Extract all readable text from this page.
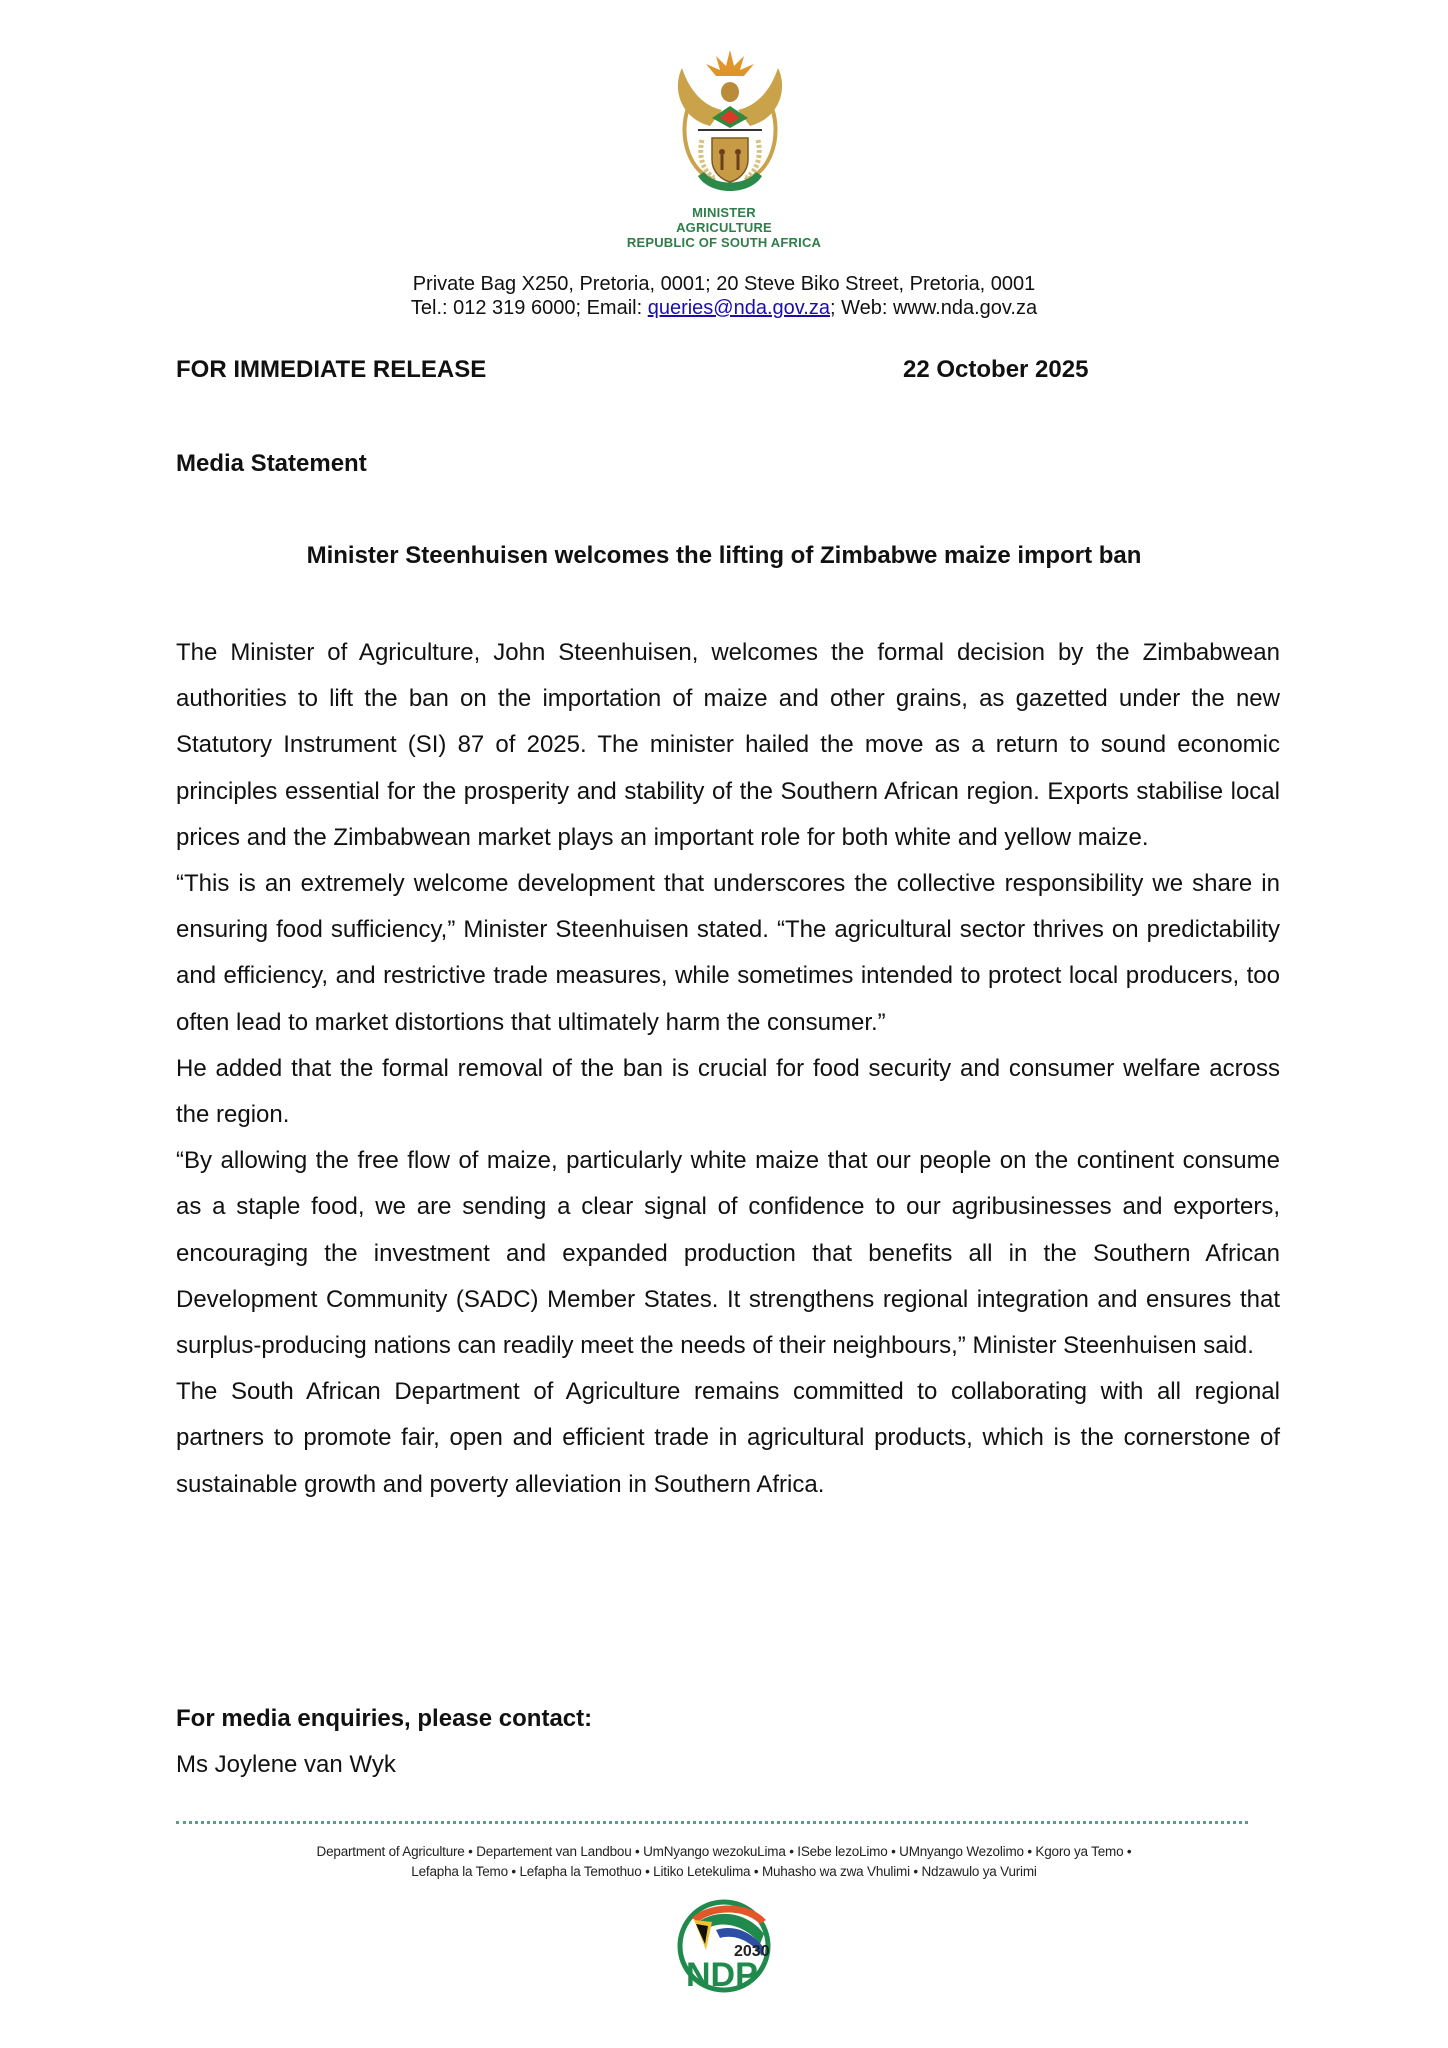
MINISTER
AGRICULTURE
REPUBLIC OF SOUTH AFRICA
Private Bag X250, Pretoria, 0001; 20 Steve Biko Street, Pretoria, 0001
Tel.: 012 319 6000; Email: queries@nda.gov.za; Web: www.nda.gov.za
FOR IMMEDIATE RELEASE	22 October 2025
Media Statement
Minister Steenhuisen welcomes the lifting of Zimbabwe maize import ban

The Minister of Agriculture, John Steenhuisen, welcomes the formal decision by the Zimbabwean authorities to lift the ban on the importation of maize and other grains, as gazetted under the new Statutory Instrument (SI) 87 of 2025. The minister hailed the move as a return to sound economic principles essential for the prosperity and stability of the Southern African region. Exports stabilise local prices and the Zimbabwean market plays an important role for both white and yellow maize.

“This is an extremely welcome development that underscores the collective responsibility we share in ensuring food sufficiency,” Minister Steenhuisen stated. “The agricultural sector thrives on predictability and efficiency, and restrictive trade measures, while sometimes intended to protect local producers, too often lead to market distortions that ultimately harm the consumer.”

He added that the formal removal of the ban is crucial for food security and consumer welfare across the region.

“By allowing the free flow of maize, particularly white maize that our people on the continent consume as a staple food, we are sending a clear signal of confidence to our agribusinesses and exporters, encouraging the investment and expanded production that benefits all in the Southern African Development Community (SADC) Member States. It strengthens regional integration and ensures that surplus-producing nations can readily meet the needs of their neighbours,” Minister Steenhuisen said.

The South African Department of Agriculture remains committed to collaborating with all regional partners to promote fair, open and efficient trade in agricultural products, which is the cornerstone of sustainable growth and poverty alleviation in Southern Africa.

For media enquiries, please contact:
Ms Joylene van Wyk
Department of Agriculture • Departement van Landbou • UmNyango wezokuLima • ISebe lezoLimo • UMnyango Wezolimo • Kgoro ya Temo •
Lefapha la Temo • Lefapha la Temothuo • Litiko Letekulima • Muhasho wa zwa Vhulimi • Ndzawulo ya Vurimi
2030
NDP
